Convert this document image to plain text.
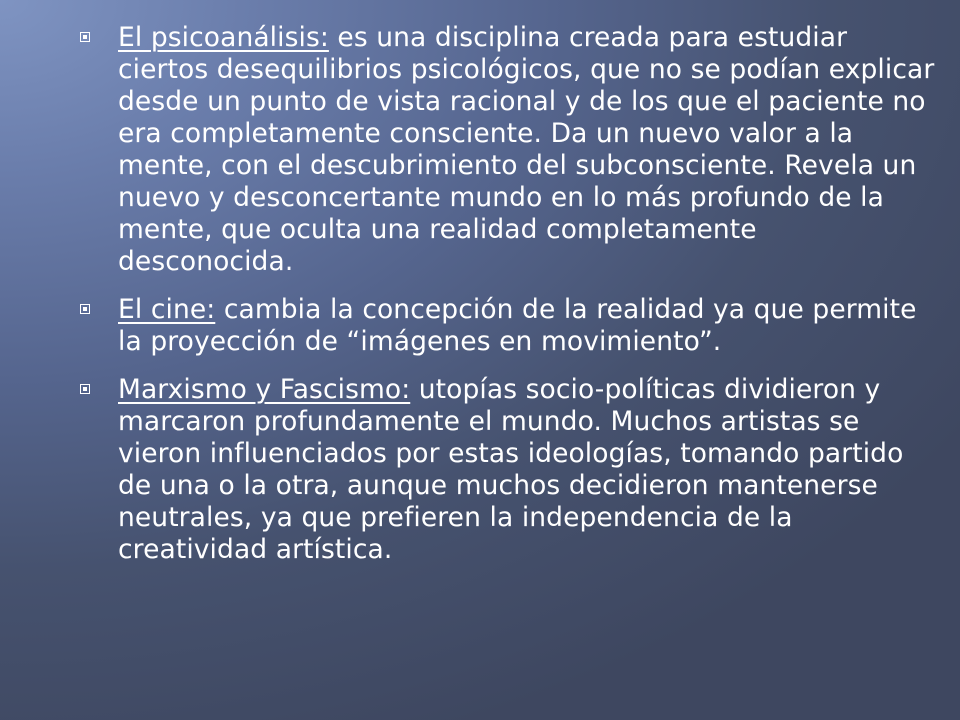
El psicoanálisis: es una disciplina creada para estudiar ciertos desequilibrios psicológicos, que no se podían explicar desde un punto de vista racional y de los que el paciente no era completamente consciente. Da un nuevo valor a la mente, con el descubrimiento del subconsciente. Revela un nuevo y desconcertante mundo en lo más profundo de la mente, que oculta una realidad completamente desconocida.
El cine: cambia la concepción de la realidad ya que permite la proyección de “imágenes en movimiento”.
Marxismo y Fascismo: utopías socio-políticas dividieron y marcaron profundamente el mundo. Muchos artistas se vieron influenciados por estas ideologías, tomando partido de una o la otra, aunque muchos decidieron mantenerse neutrales, ya que prefieren la independencia de la creatividad artística.
